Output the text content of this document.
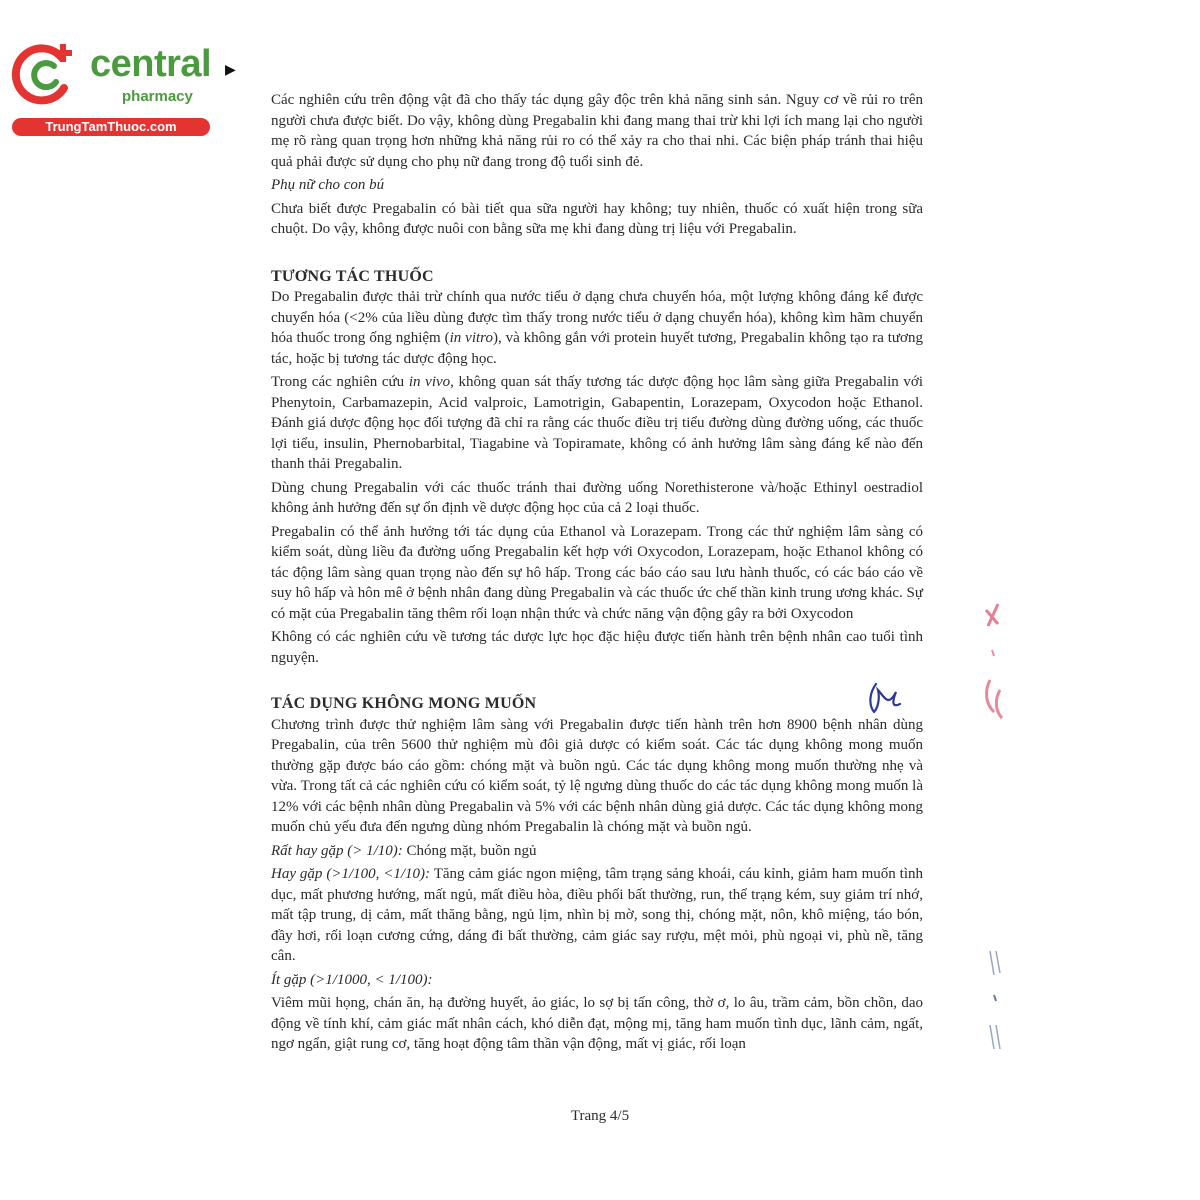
central
pharmacy
TrungTamThuoc.com
▶

Các nghiên cứu trên động vật đã cho thấy tác dụng gây độc trên khả năng sinh sản. Nguy cơ về rủi ro trên người chưa được biết. Do vậy, không dùng Pregabalin khi đang mang thai trừ khi lợi ích mang lại cho người mẹ rõ ràng quan trọng hơn những khả năng rủi ro có thể xảy ra cho thai nhi. Các biện pháp tránh thai hiệu quả phải được sử dụng cho phụ nữ đang trong độ tuổi sinh đẻ.

Phụ nữ cho con bú

Chưa biết được Pregabalin có bài tiết qua sữa người hay không; tuy nhiên, thuốc có xuất hiện trong sữa chuột. Do vậy, không được nuôi con bằng sữa mẹ khi đang dùng trị liệu với Pregabalin.

TƯƠNG TÁC THUỐC

Do Pregabalin được thải trừ chính qua nước tiểu ở dạng chưa chuyển hóa, một lượng không đáng kể được chuyển hóa (<2% của liều dùng được tìm thấy trong nước tiểu ở dạng chuyển hóa), không kìm hãm chuyển hóa thuốc trong ống nghiệm (in vitro), và không gắn với protein huyết tương, Pregabalin không tạo ra tương tác, hoặc bị tương tác dược động học.

Trong các nghiên cứu in vivo, không quan sát thấy tương tác dược động học lâm sàng giữa Pregabalin với Phenytoin, Carbamazepin, Acid valproic, Lamotrigin, Gabapentin, Lorazepam, Oxycodon hoặc Ethanol. Đánh giá dược động học đối tượng đã chỉ ra rằng các thuốc điều trị tiểu đường dùng đường uống, các thuốc lợi tiểu, insulin, Phernobarbital, Tiagabine và Topiramate, không có ảnh hưởng lâm sàng đáng kể nào đến thanh thải Pregabalin.

Dùng chung Pregabalin với các thuốc tránh thai đường uống Norethisterone và/hoặc Ethinyl oestradiol không ảnh hưởng đến sự ổn định về dược động học của cả 2 loại thuốc.

Pregabalin có thể ảnh hưởng tới tác dụng của Ethanol và Lorazepam. Trong các thử nghiệm lâm sàng có kiểm soát, dùng liều đa đường uống Pregabalin kết hợp với Oxycodon, Lorazepam, hoặc Ethanol không có tác động lâm sàng quan trọng nào đến sự hô hấp. Trong các báo cáo sau lưu hành thuốc, có các báo cáo về suy hô hấp và hôn mê ở bệnh nhân đang dùng Pregabalin và các thuốc ức chế thần kinh trung ương khác. Sự có mặt của Pregabalin tăng thêm rối loạn nhận thức và chức năng vận động gây ra bởi Oxycodon

Không có các nghiên cứu về tương tác dược lực học đặc hiệu được tiến hành trên bệnh nhân cao tuổi tình nguyện.

TÁC DỤNG KHÔNG MONG MUỐN

Chương trình được thử nghiệm lâm sàng với Pregabalin được tiến hành trên hơn 8900 bệnh nhân dùng Pregabalin, của trên 5600 thử nghiệm mù đôi giả dược có kiểm soát. Các tác dụng không mong muốn thường gặp được báo cáo gồm: chóng mặt và buồn ngủ. Các tác dụng không mong muốn thường nhẹ và vừa. Trong tất cả các nghiên cứu có kiểm soát, tỷ lệ ngưng dùng thuốc do các tác dụng không mong muốn là 12% với các bệnh nhân dùng Pregabalin và 5% với các bệnh nhân dùng giả dược. Các tác dụng không mong muốn chủ yếu đưa đến ngưng dùng nhóm Pregabalin là chóng mặt và buồn ngủ.

Rất hay gặp (> 1/10): Chóng mặt, buồn ngủ

Hay gặp (>1/100, <1/10): Tăng cảm giác ngon miệng, tâm trạng sảng khoái, cáu kỉnh, giảm ham muốn tình dục, mất phương hướng, mất ngủ, mất điều hòa, điều phối bất thường, run, thể trạng kém, suy giảm trí nhớ, mất tập trung, dị cảm, mất thăng bằng, ngủ lịm, nhìn bị mờ, song thị, chóng mặt, nôn, khô miệng, táo bón, đầy hơi, rối loạn cương cứng, dáng đi bất thường, cảm giác say rượu, mệt mỏi, phù ngoại vi, phù nề, tăng cân.

Ít gặp (>1/1000, < 1/100):

Viêm mũi họng, chán ăn, hạ đường huyết, ảo giác, lo sợ bị tấn công, thờ ơ, lo âu, trầm cảm, bồn chồn, dao động về tính khí, cảm giác mất nhân cách, khó diễn đạt, mộng mị, tăng ham muốn tình dục, lãnh cảm, ngất, ngơ ngẩn, giật rung cơ, tăng hoạt động tâm thần vận động, mất vị giác, rối loạn

Trang 4/5
